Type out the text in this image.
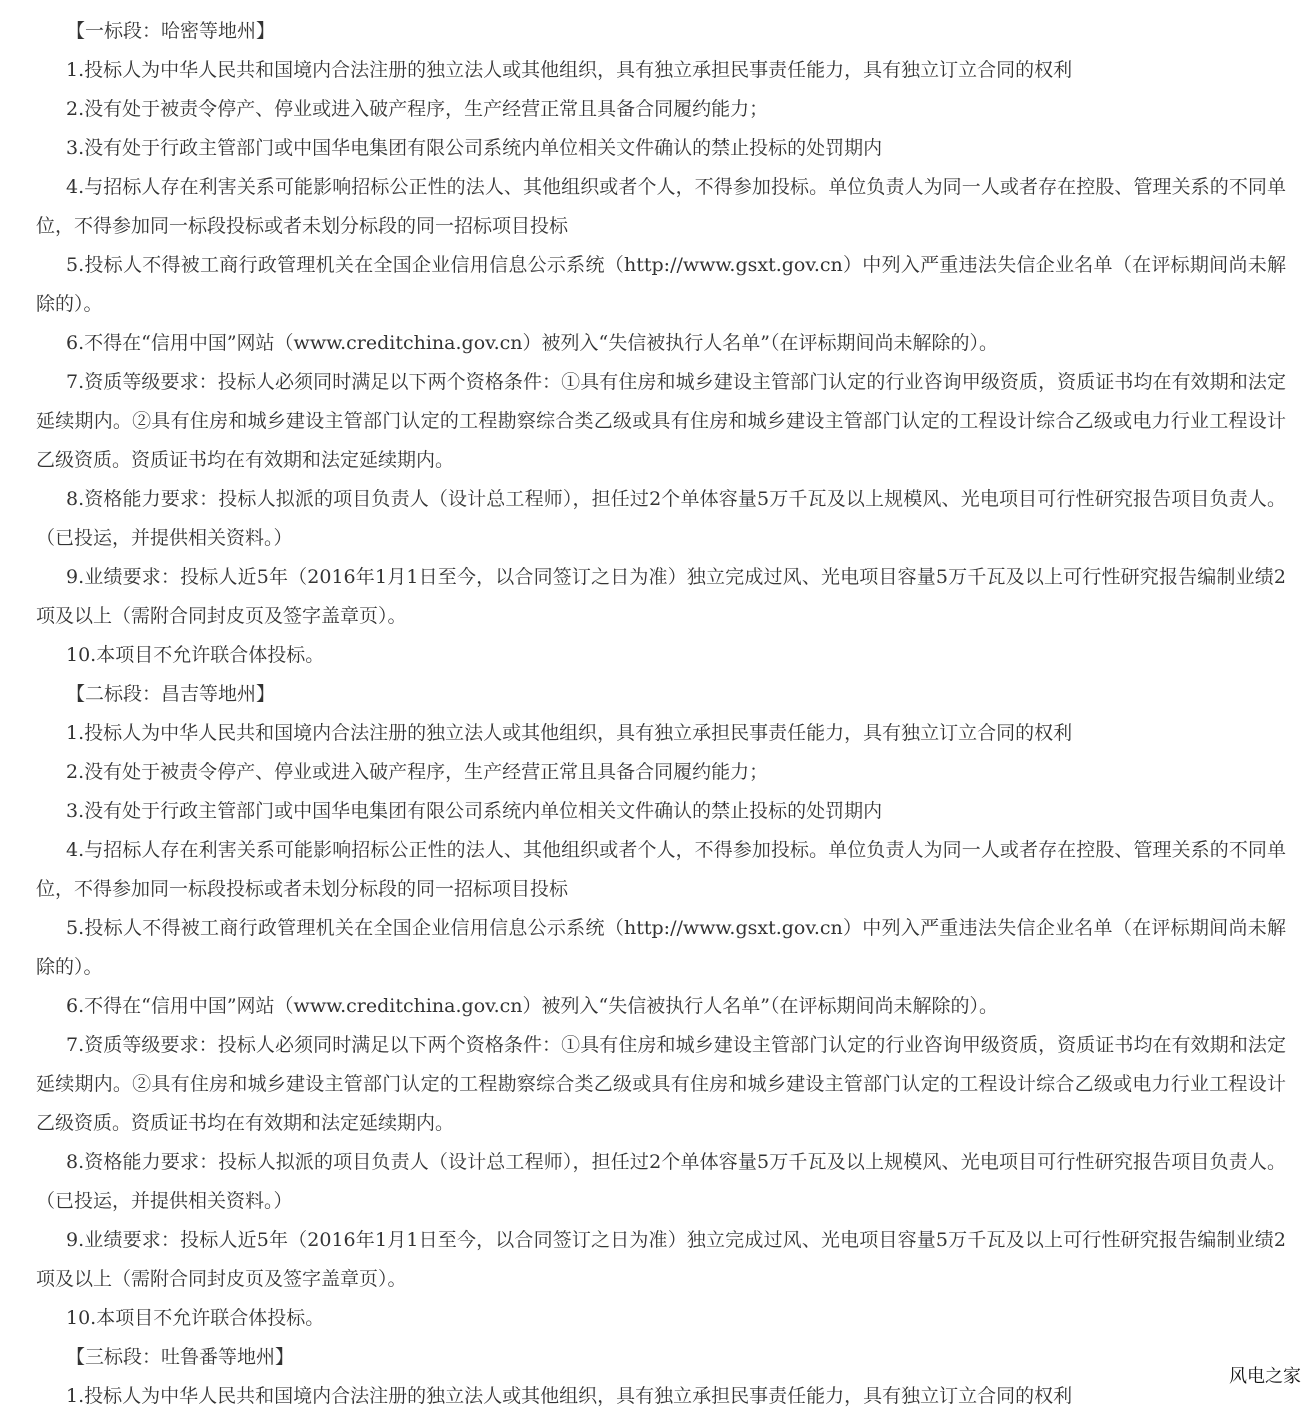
【一标段：哈密等地州】

1.投标人为中华人民共和国境内合法注册的独立法人或其他组织，具有独立承担民事责任能力，具有独立订立合同的权利

2.没有处于被责令停产、停业或进入破产程序，生产经营正常且具备合同履约能力；

3.没有处于行政主管部门或中国华电集团有限公司系统内单位相关文件确认的禁止投标的处罚期内

4.与招标人存在利害关系可能影响招标公正性的法人、其他组织或者个人，不得参加投标。单位负责人为同一人或者存在控股、管理关系的不同单位，不得参加同一标段投标或者未划分标段的同一招标项目投标

5.投标人不得被工商行政管理机关在全国企业信用信息公示系统（http://www.gsxt.gov.cn）中列入严重违法失信企业名单（在评标期间尚未解除的）。

6.不得在“信用中国”网站（www.creditchina.gov.cn）被列入“失信被执行人名单”（在评标期间尚未解除的）。

7.资质等级要求：投标人必须同时满足以下两个资格条件：①具有住房和城乡建设主管部门认定的行业咨询甲级资质，资质证书均在有效期和法定延续期内。②具有住房和城乡建设主管部门认定的工程勘察综合类乙级或具有住房和城乡建设主管部门认定的工程设计综合乙级或电力行业工程设计乙级资质。资质证书均在有效期和法定延续期内。

8.资格能力要求：投标人拟派的项目负责人（设计总工程师），担任过2个单体容量5万千瓦及以上规模风、光电项目可行性研究报告项目负责人。（已投运，并提供相关资料。）

9.业绩要求：投标人近5年（2016年1月1日至今，以合同签订之日为准）独立完成过风、光电项目容量5万千瓦及以上可行性研究报告编制业绩2项及以上（需附合同封皮页及签字盖章页）。

10.本项目不允许联合体投标。

【二标段：昌吉等地州】

1.投标人为中华人民共和国境内合法注册的独立法人或其他组织，具有独立承担民事责任能力，具有独立订立合同的权利

2.没有处于被责令停产、停业或进入破产程序，生产经营正常且具备合同履约能力；

3.没有处于行政主管部门或中国华电集团有限公司系统内单位相关文件确认的禁止投标的处罚期内

4.与招标人存在利害关系可能影响招标公正性的法人、其他组织或者个人，不得参加投标。单位负责人为同一人或者存在控股、管理关系的不同单位，不得参加同一标段投标或者未划分标段的同一招标项目投标

5.投标人不得被工商行政管理机关在全国企业信用信息公示系统（http://www.gsxt.gov.cn）中列入严重违法失信企业名单（在评标期间尚未解除的）。

6.不得在“信用中国”网站（www.creditchina.gov.cn）被列入“失信被执行人名单”（在评标期间尚未解除的）。

7.资质等级要求：投标人必须同时满足以下两个资格条件：①具有住房和城乡建设主管部门认定的行业咨询甲级资质，资质证书均在有效期和法定延续期内。②具有住房和城乡建设主管部门认定的工程勘察综合类乙级或具有住房和城乡建设主管部门认定的工程设计综合乙级或电力行业工程设计乙级资质。资质证书均在有效期和法定延续期内。

8.资格能力要求：投标人拟派的项目负责人（设计总工程师），担任过2个单体容量5万千瓦及以上规模风、光电项目可行性研究报告项目负责人。（已投运，并提供相关资料。）

9.业绩要求：投标人近5年（2016年1月1日至今，以合同签订之日为准）独立完成过风、光电项目容量5万千瓦及以上可行性研究报告编制业绩2项及以上（需附合同封皮页及签字盖章页）。

10.本项目不允许联合体投标。

【三标段：吐鲁番等地州】

1.投标人为中华人民共和国境内合法注册的独立法人或其他组织，具有独立承担民事责任能力，具有独立订立合同的权利

风电之家
